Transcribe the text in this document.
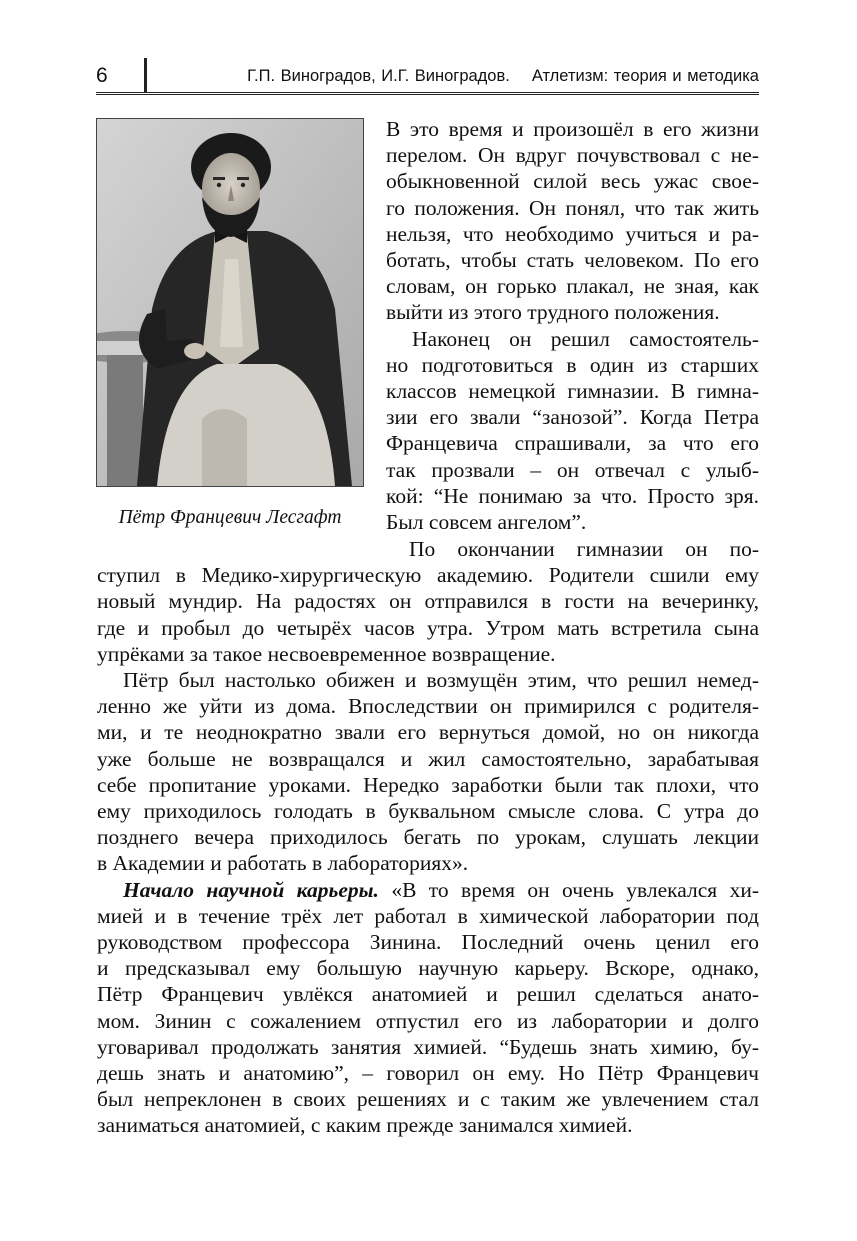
6	Г.П. Виноградов, И.Г. Виноградов. Атлетизм: теория и методика
Пётр Францевич Лесгафт
В это время и произошёл в его жизни
перелом. Он вдруг почувствовал с не-
обыкновенной силой весь ужас свое-
го положения. Он понял, что так жить
нельзя, что необходимо учиться и ра-
ботать, чтобы стать человеком. По его
словам, он горько плакал, не зная, как
выйти из этого трудного положения.
Наконец он решил самостоятель-
но подготовиться в один из старших
классов немецкой гимназии. В гимна-
зии его звали “занозой”. Когда Петра
Францевича спрашивали, за что его
так прозвали – он отвечал с улыб-
кой: “Не понимаю за что. Просто зря.
Был совсем ангелом”.
По окончании гимназии он по-
ступил в Медико-хирургическую академию. Родители сшили ему
новый мундир. На радостях он отправился в гости на вечеринку,
где и пробыл до четырёх часов утра. Утром мать встретила сына
упрёками за такое несвоевременное возвращение.
Пётр был настолько обижен и возмущён этим, что решил немед-
ленно же уйти из дома. Впоследствии он примирился с родителя-
ми, и те неоднократно звали его вернуться домой, но он никогда
уже больше не возвращался и жил самостоятельно, зарабатывая
себе пропитание уроками. Нередко заработки были так плохи, что
ему приходилось голодать в буквальном смысле слова. С утра до
позднего вечера приходилось бегать по урокам, слушать лекции
в Академии и работать в лабораториях».
Начало научной карьеры. «В то время он очень увлекался хи-
мией и в течение трёх лет работал в химической лаборатории под
руководством профессора Зинина. Последний очень ценил его
и предсказывал ему большую научную карьеру. Вскоре, однако,
Пётр Францевич увлёкся анатомией и решил сделаться анато-
мом. Зинин с сожалением отпустил его из лаборатории и долго
уговаривал продолжать занятия химией. “Будешь знать химию, бу-
дешь знать и анатомию”, – говорил он ему. Но Пётр Францевич
был непреклонен в своих решениях и с таким же увлечением стал
заниматься анатомией, с каким прежде занимался химией.
